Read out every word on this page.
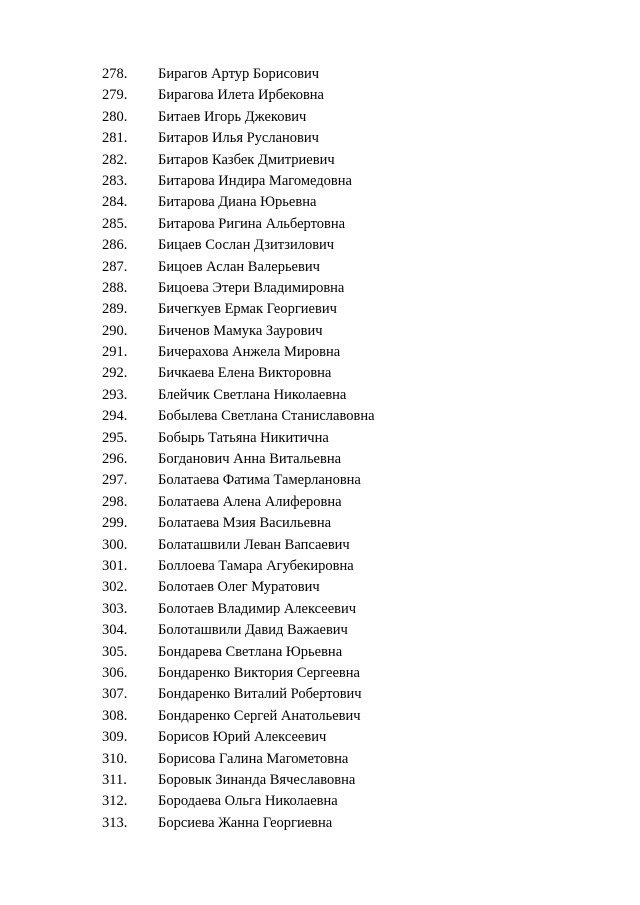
278. Бирагов Артур Борисович
279. Бирагова Илета Ирбековна
280. Битаев Игорь Джекович
281. Битаров Илья Русланович
282. Битаров Казбек Дмитриевич
283. Битарова Индира Магомедовна
284. Битарова Диана Юрьевна
285. Битарова Ригина Альбертовна
286. Бицаев Сослан Дзитзилович
287. Бицоев Аслан Валерьевич
288. Бицоева Этери Владимировна
289. Бичегкуев Ермак Георгиевич
290. Биченов Мамука Заурович
291. Бичерахова Анжела Мировна
292. Бичкаева Елена Викторовна
293. Блейчик Светлана Николаевна
294. Бобылева Светлана Станиславовна
295. Бобырь Татьяна Никитична
296. Богданович Анна Витальевна
297. Болатаева Фатима Тамерлановна
298. Болатаева Алена Алиферовна
299. Болатаева Мзия Васильевна
300. Болаташвили Леван Вапсаевич
301. Боллоева Тамара Агубекировна
302. Болотаев Олег Муратович
303. Болотаев Владимир Алексеевич
304. Болоташвили Давид Важаевич
305. Бондарева Светлана Юрьевна
306. Бондаренко Виктория Сергеевна
307. Бондаренко Виталий Робертович
308. Бондаренко Сергей Анатольевич
309. Борисов Юрий Алексеевич
310. Борисова Галина Магометовна
311. Боровык Зинанда Вячеславовна
312. Бородаева Ольга Николаевна
313. Борсиева Жанна Георгиевна
